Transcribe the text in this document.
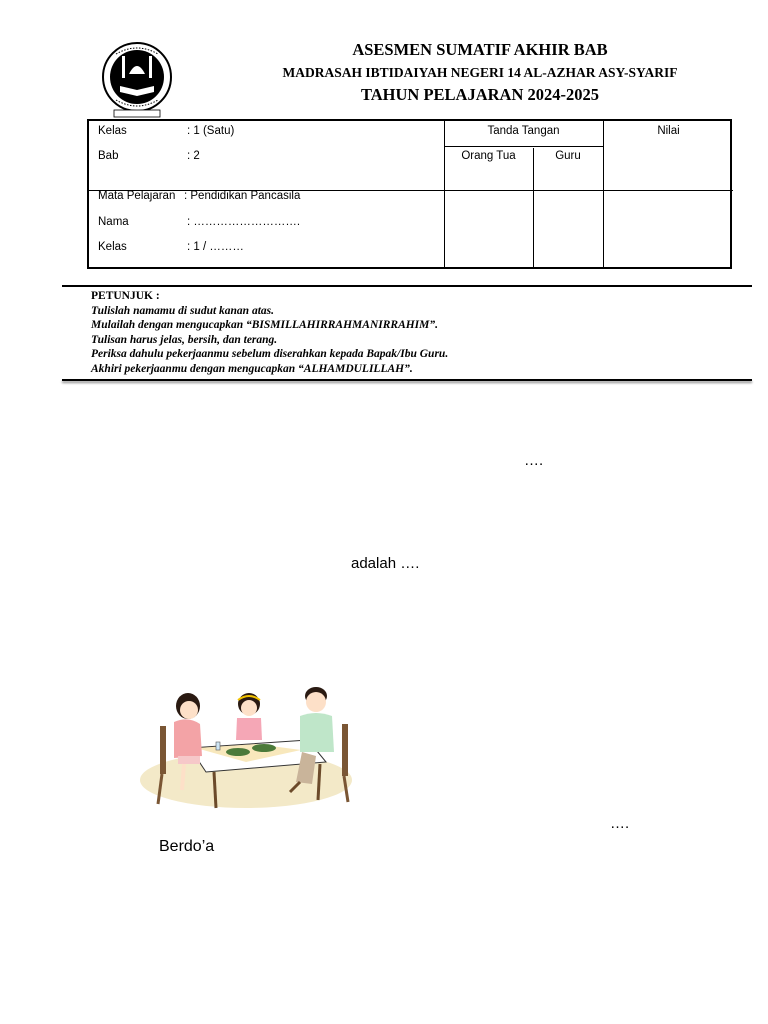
ASESMEN SUMATIF AKHIR BAB
MADRASAH IBTIDAIYAH NEGERI 14 AL-AZHAR ASY-SYARIF
TAHUN PELAJARAN 2024-2025
Kelas	: 1 (Satu)
Bab	: 2
Mata Pelajaran : Pendidikan Pancasila
Nama	: ……………………….
Kelas	: 1 / ………
Tanda Tangan
Orang Tua	Guru
Nilai
PETUNJUK :
Tulislah namamu di sudut kanan atas.
Mulailah dengan mengucapkan “BISMILLAHIRRAHMANIRRAHIM”.
Tulisan harus jelas, bersih, dan terang.
Periksa dahulu pekerjaanmu sebelum diserahkan kepada Bapak/Ibu Guru.
Akhiri pekerjaanmu dengan mengucapkan “ALHAMDULILLAH”.
….
adalah ….
….
Berdo’a
